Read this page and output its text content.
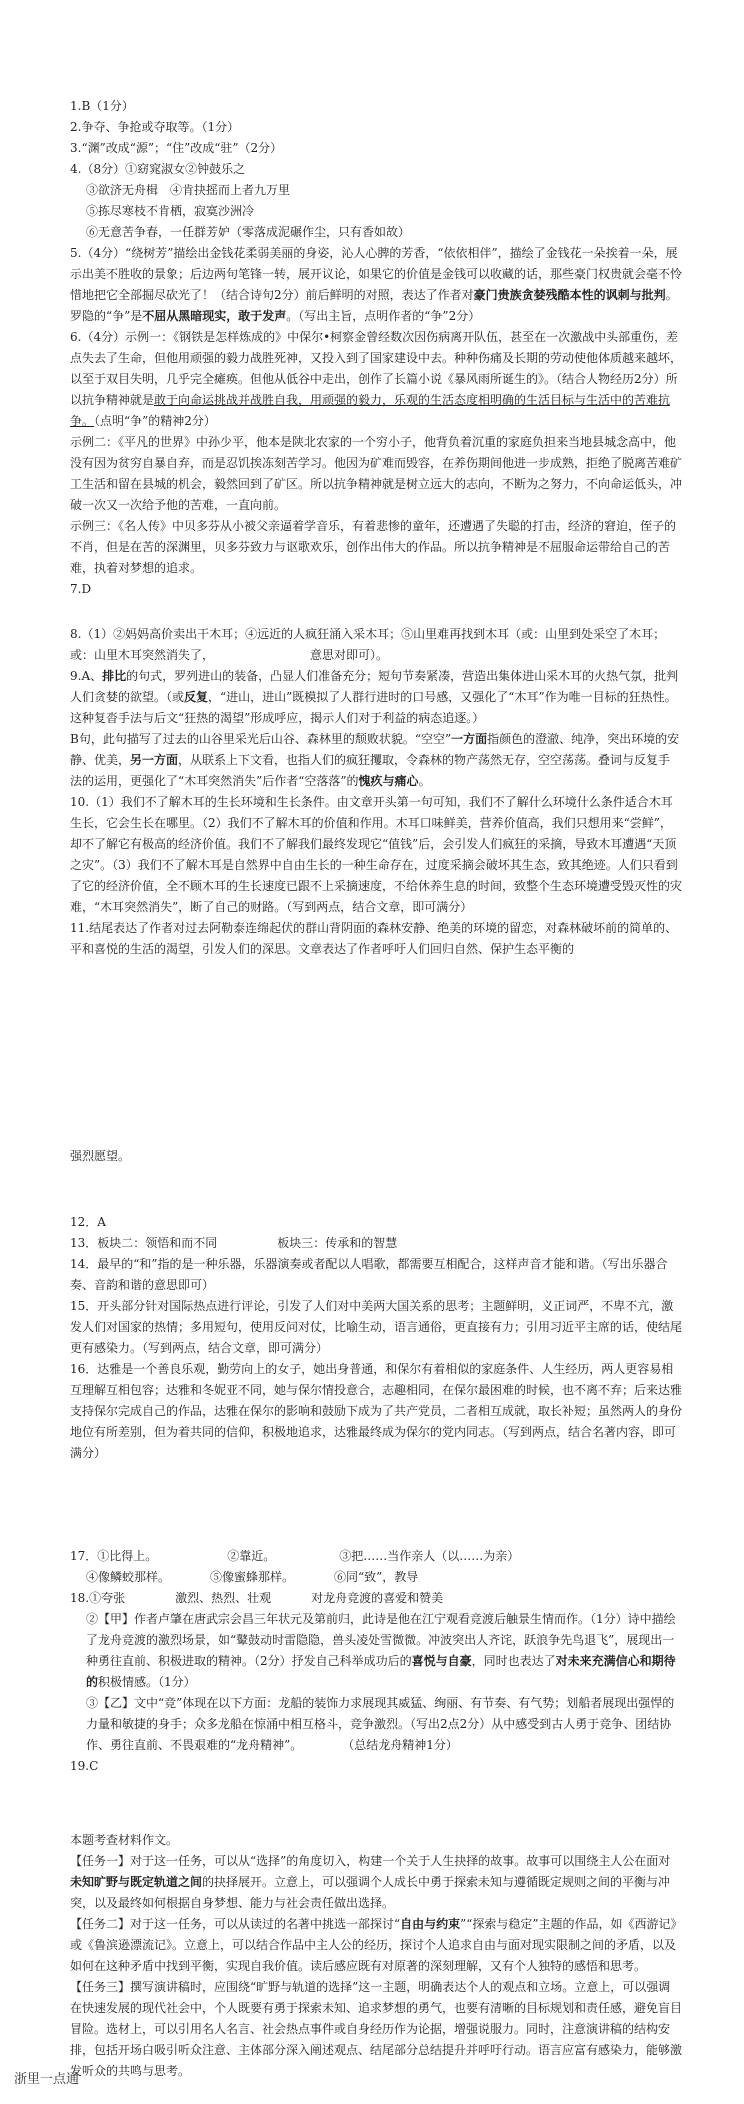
1.B（1分）
2.争夺、争抢或夺取等。（1分）
3.“渊”改成“源”；“住”改成“驻”（2分）
4.（8分）①窈窕淑女②钟鼓乐之
③欲济无舟楫　④肯抉摇而上者九万里
⑤拣尽寒枝不肯栖，寂寞沙洲冷
⑥无意苦争春，一任群芳妒（零落成泥碾作尘，只有香如故）
5.（4分）“绕树芳”描绘出金钱花柔弱美丽的身姿，沁人心脾的芳香，“依依相伴”，描绘了金钱花一朵挨着一朵，展示出美不胜收的景象；后边两句笔锋一转，展开议论，如果它的价值是金钱可以收藏的话，那些豪门权贵就会毫不怜惜地把它全部掘尽砍光了！（结合诗句2分）前后鲜明的对照，表达了作者对豪门贵族贪婪残酷本性的讽刺与批判。罗隐的“争”是不屈从黑暗现实，敢于发声。（写出主旨，点明作者的“争”2分）
6.（4分）示例一：《钢铁是怎样炼成的》中保尔•柯察金曾经数次因伤病离开队伍，甚至在一次激战中头部重伤，差点失去了生命，但他用顽强的毅力战胜死神，又投入到了国家建设中去。种种伤痛及长期的劳动使他体质越来越坏，以至于双目失明，几乎完全瘫痪。但他从低谷中走出，创作了长篇小说《暴风雨所诞生的》。（结合人物经历2分）所以抗争精神就是敢于向命运挑战并战胜自我，用顽强的毅力，乐观的生活态度相明确的生活目标与生活中的苦难抗争。（点明“争”的精神2分）
示例二：《平凡的世界》中孙少平，他本是陕北农家的一个穷小子，他背负着沉重的家庭负担来当地县城念高中，他没有因为贫穷自暴自弃，而是忍饥挨冻刻苦学习。他因为矿难而毁容，在养伤期间他进一步成熟，拒绝了脱离苦难矿工生活和留在县城的机会，毅然回到了矿区。所以抗争精神就是树立远大的志向，不断为之努力，不向命运低头，冲破一次又一次给予他的苦难，一直向前。
示例三：《名人传》中贝多芬从小被父亲逼着学音乐，有着悲惨的童年，还遭遇了失聪的打击，经济的窘迫，侄子的不肖，但是在苦的深渊里，贝多芬致力与讴歌欢乐，创作出伟大的作品。所以抗争精神是不屈服命运带给自己的苦难，执着对梦想的追求。
7.D
8.（1）②妈妈高价卖出干木耳；④远近的人疯狂涌入采木耳；⑤山里难再找到木耳（或：山里到处采空了木耳；或：山里木耳突然消失了，	意思对即可）。
9.A、排比的句式，罗列进山的装备，凸显人们准备充分；短句节奏紧凑，营造出集体进山采木耳的火热气氛，批判人们贪婪的欲望。（或反复，“进山，进山”既模拟了人群行进时的口号感，又强化了“木耳”作为唯一目标的狂热性。这种复沓手法与后文“狂热的渴望”形成呼应，揭示人们对于利益的病态追逐。）
B句，此句描写了过去的山谷里采光后山谷、森林里的颓败状貌。“空空”一方面指颜色的澄澈、纯净，突出环境的安静、优美，另一方面，从联系上下文看，也指人们的疯狂攫取，令森林的物产荡然无存，空空荡荡。叠词与反复手法的运用，更强化了“木耳突然消失”后作者“空落落”的愧疚与痛心。
10.（1）我们不了解木耳的生长环境和生长条件。由文章开头第一句可知，我们不了解什么环境什么条件适合木耳生长，它会生长在哪里。（2）我们不了解木耳的价值和作用。木耳口味鲜美，营养价值高，我们只想用来“尝鲜”，却不了解它有极高的经济价值。我们不了解我们最终发现它“值钱”后，会引发人们疯狂的采摘，导致木耳遭遇“天顶之灾”。（3）我们不了解木耳是自然界中自由生长的一种生命存在，过度采摘会破坏其生态，致其绝迹。人们只看到了它的经济价值，全不顾木耳的生长速度已跟不上采摘速度，不给休养生息的时间，致整个生态环境遭受毁灭性的灾难，“木耳突然消失”，断了自己的财路。（写到两点，结合文章，即可满分）
11.结尾表达了作者对过去阿勒泰连绵起伏的群山背阴面的森林安静、绝美的环境的留恋，对森林破坏前的简单的、平和喜悦的生活的渴望，引发人们的深思。文章表达了作者呼吁人们回归自然、保护生态平衡的
强烈愿望。
12．A
13．板块二：领悟和而不同	板块三：传承和的智慧
14．最早的“和”指的是一种乐器，乐器演奏或者配以人唱歌，都需要互相配合，这样声音才能和谐。（写出乐器合奏、音韵和谐的意思即可）
15．开头部分针对国际热点进行评论，引发了人们对中美两大国关系的思考；主题鲜明，义正词严，不卑不亢，激发人们对国家的热情；多用短句，使用反问对仗，比喻生动，语言通俗，更直接有力；引用习近平主席的话，使结尾更有感染力。（写到两点，结合文章，即可满分）
16．达雅是一个善良乐观，勤劳向上的女子，她出身普通，和保尔有着相似的家庭条件、人生经历，两人更容易相互理解互相包容；达雅和冬妮亚不同，她与保尔情投意合，志趣相同，在保尔最困难的时候，也不离不弃；后来达雅支持保尔完成自己的作品，达雅在保尔的影响和鼓励下成为了共产党员，二者相互成就，取长补短；虽然两人的身份地位有所差别，但为着共同的信仰，积极地追求，达雅最终成为保尔的党内同志。（写到两点，结合名著内容，即可满分）
17．①比得上。	②靠近。	③把……当作亲人（以……为亲）
④像鳞蛟那样。	⑤像蜜蜂那样。	⑥同“致”，教导
18.①夸张	激烈、热烈、壮观	对龙舟竞渡的喜爱和赞美
②【甲】作者卢肇在唐武宗会昌三年状元及第前归，此诗是他在江宁观看竞渡后触景生情而作。（1分）诗中描绘了龙舟竞渡的激烈场景，如“鼙鼓动时雷隐隐，兽头凌处雪微微。冲波突出人齐诧，跃浪争先鸟退飞”，展现出一种勇往直前、积极进取的精神。（2分）抒发自己科举成功后的喜悦与自豪，同时也表达了对未来充满信心和期待的积极情感。（1分）
③【乙】文中“竞”体现在以下方面：龙船的装饰力求展现其威猛、绚丽、有节奏、有气势；划船者展现出强悍的力量和敏捷的身手；众多龙船在惊涌中相互格斗，竞争激烈。（写出2点2分）从中感受到古人勇于竞争、团结协作、勇往直前、不畏艰难的“龙舟精神”。	（总结龙舟精神1分）
19.C
本题考查材料作文。
【任务一】对于这一任务，可以从“选择”的角度切入，构建一个关于人生抉择的故事。故事可以围绕主人公在面对未知旷野与既定轨道之间的抉择展开。立意上，可以强调个人成长中勇于探索未知与遵循既定规则之间的平衡与冲突，以及最终如何根据自身梦想、能力与社会责任做出选择。
【任务二】对于这一任务，可以从读过的名著中挑选一部探讨“自由与约束”“探索与稳定”主题的作品，如《西游记》或《鲁滨逊漂流记》。立意上，可以结合作品中主人公的经历，探讨个人追求自由与面对现实限制之间的矛盾，以及如何在这种矛盾中找到平衡，实现自我价值。读后感应既有对原著的深刻理解，又有个人独特的感悟和思考。
【任务三】撰写演讲稿时，应围绕“旷野与轨道的选择”这一主题，明确表达个人的观点和立场。立意上，可以强调在快速发展的现代社会中，个人既要有勇于探索未知、追求梦想的勇气，也要有清晰的目标规划和责任感，避免盲目冒险。选材上，可以引用名人名言、社会热点事件或自身经历作为论据，增强说服力。同时，注意演讲稿的结构安排，包括开场白吸引听众注意、主体部分深入阐述观点、结尾部分总结提升并呼吁行动。语言应富有感染力，能够激发听众的共鸣与思考。
浙里一点通
